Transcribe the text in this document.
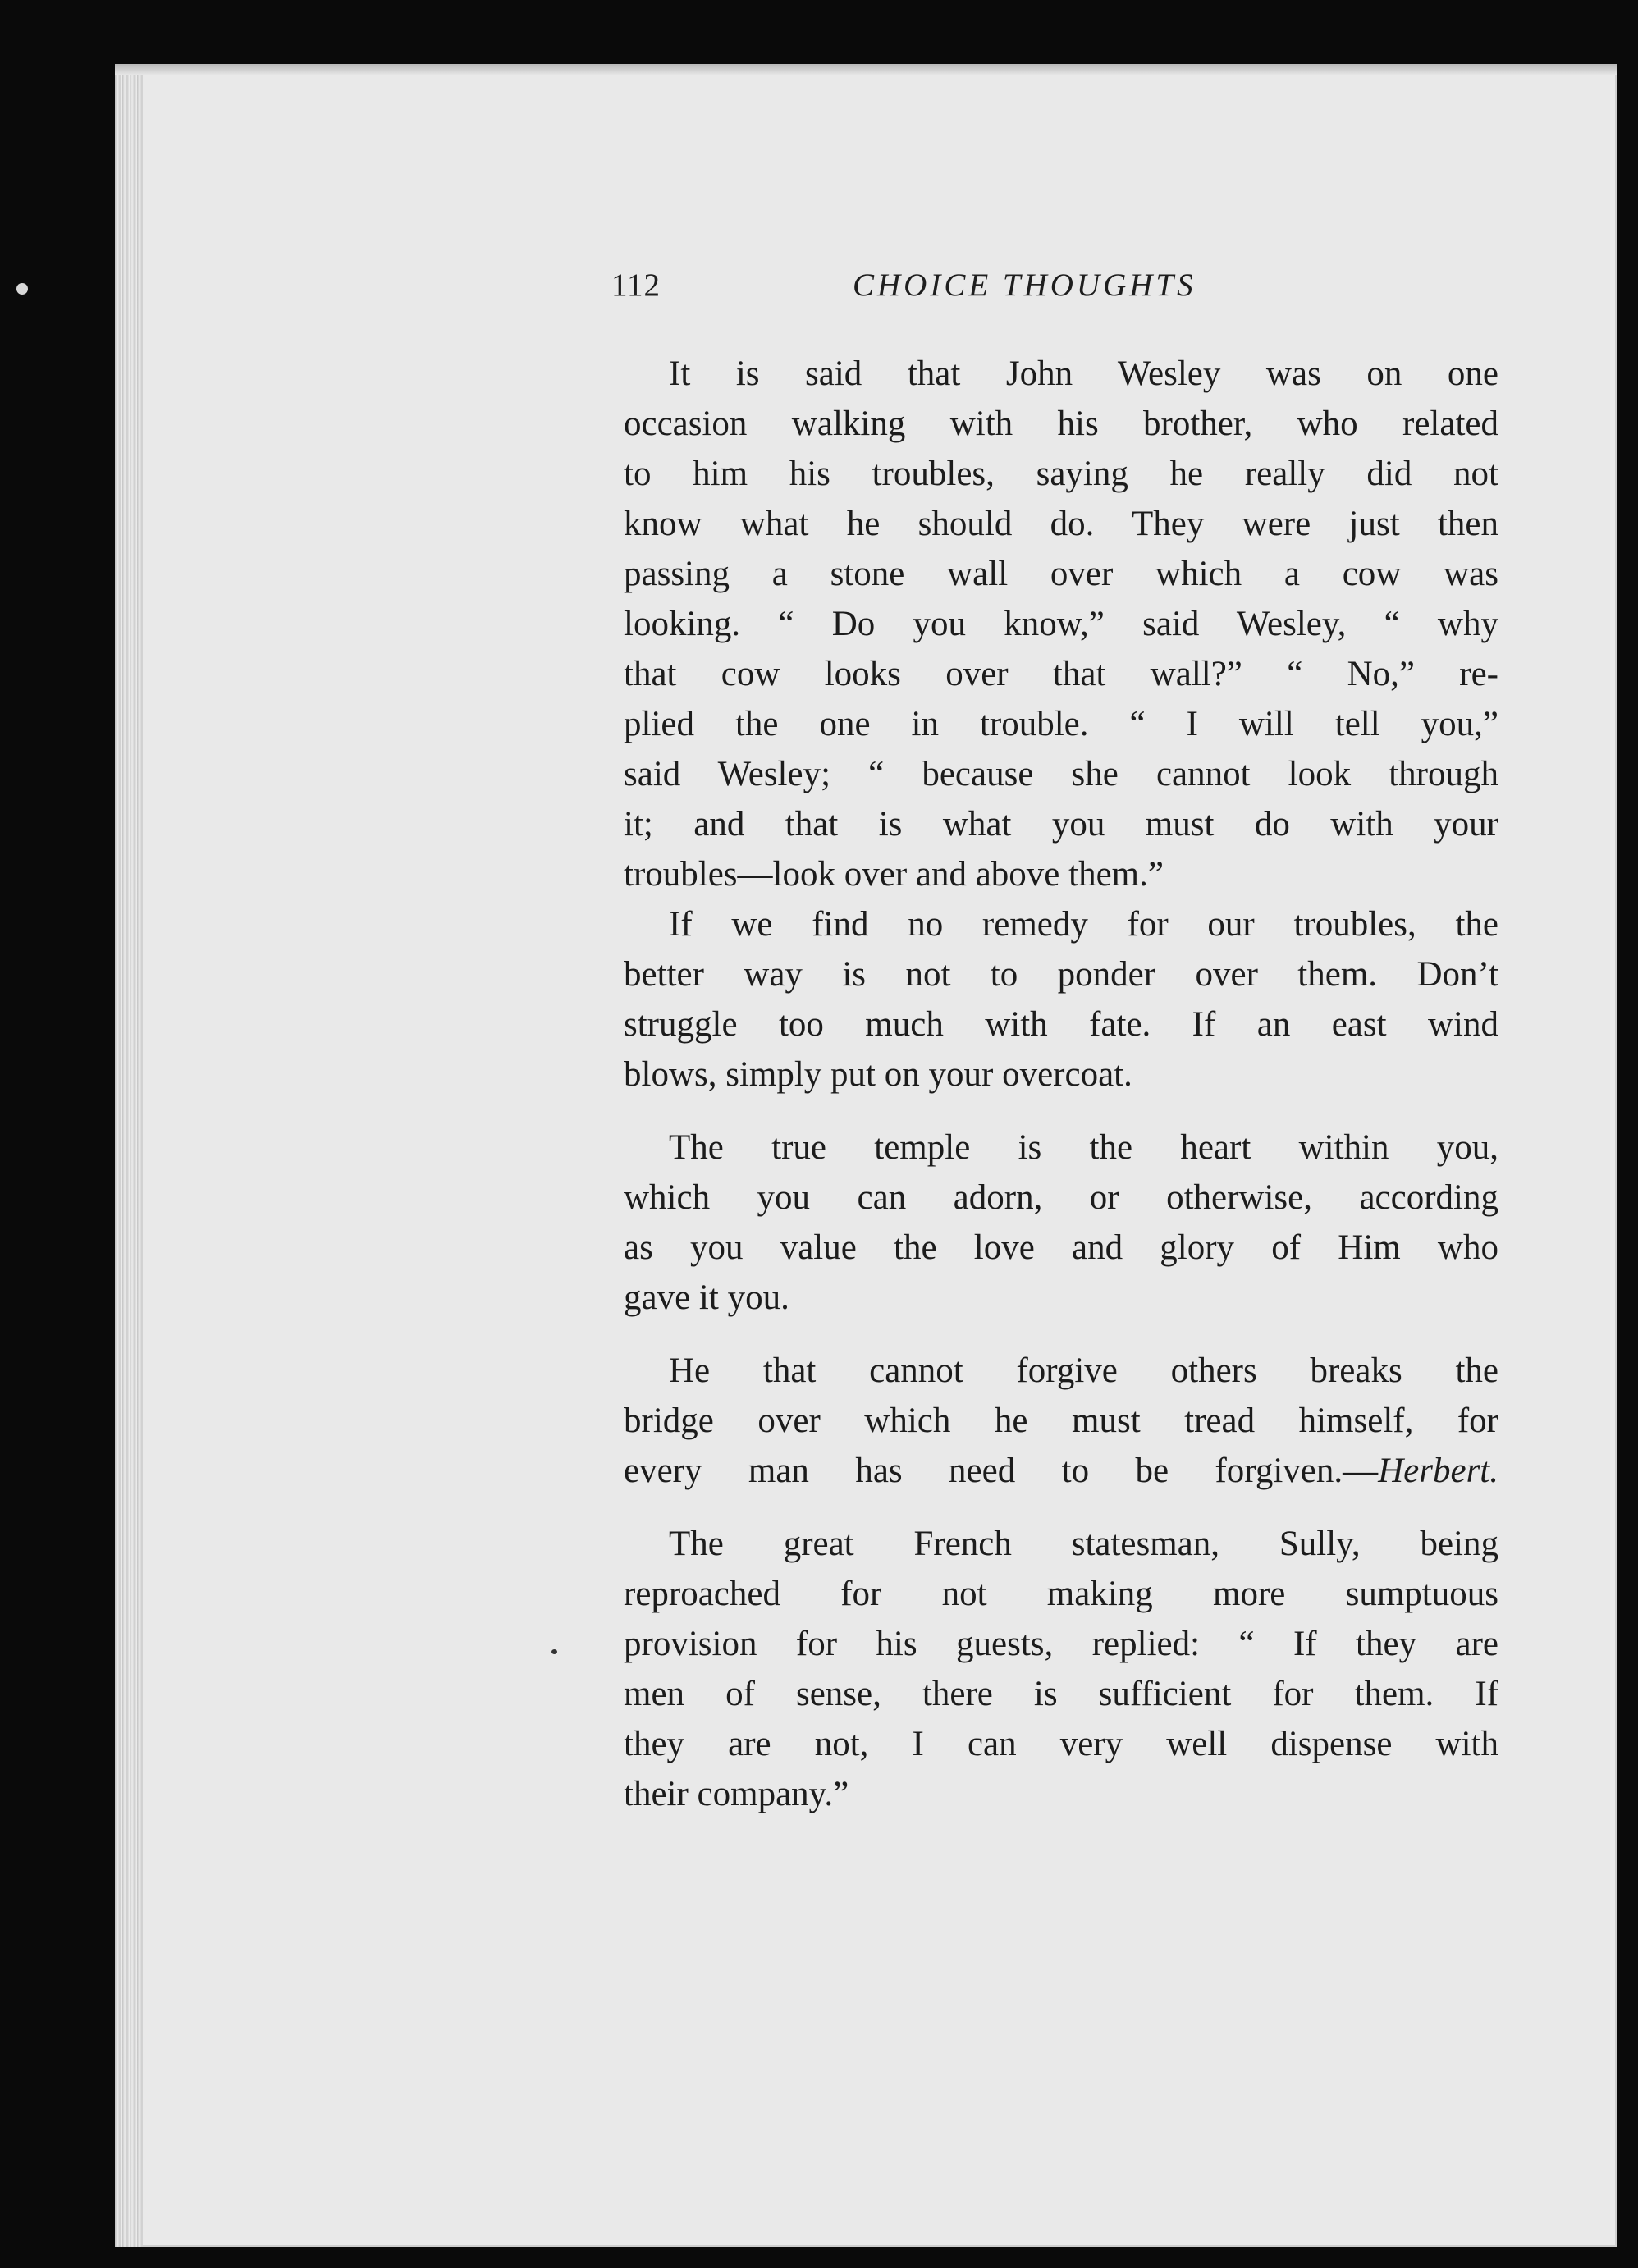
112	CHOICE THOUGHTS
It is said that John Wesley was on one
occasion walking with his brother, who related
to him his troubles, saying he really did not
know what he should do. They were just then
passing a stone wall over which a cow was
looking. “ Do you know,” said Wesley, “ why
that cow looks over that wall?” “ No,” re-
plied the one in trouble. “ I will tell you,”
said Wesley; “ because she cannot look through
it; and that is what you must do with your
troubles—look over and above them.”
If we find no remedy for our troubles, the
better way is not to ponder over them. Don’t
struggle too much with fate. If an east wind
blows, simply put on your overcoat.
The true temple is the heart within you,
which you can adorn, or otherwise, according
as you value the love and glory of Him who
gave it you.
He that cannot forgive others breaks the
bridge over which he must tread himself, for
every man has need to be forgiven.—Herbert.
The great French statesman, Sully, being
reproached for not making more sumptuous
provision for his guests, replied: “ If they are
men of sense, there is sufficient for them. If
they are not, I can very well dispense with
their company.”
